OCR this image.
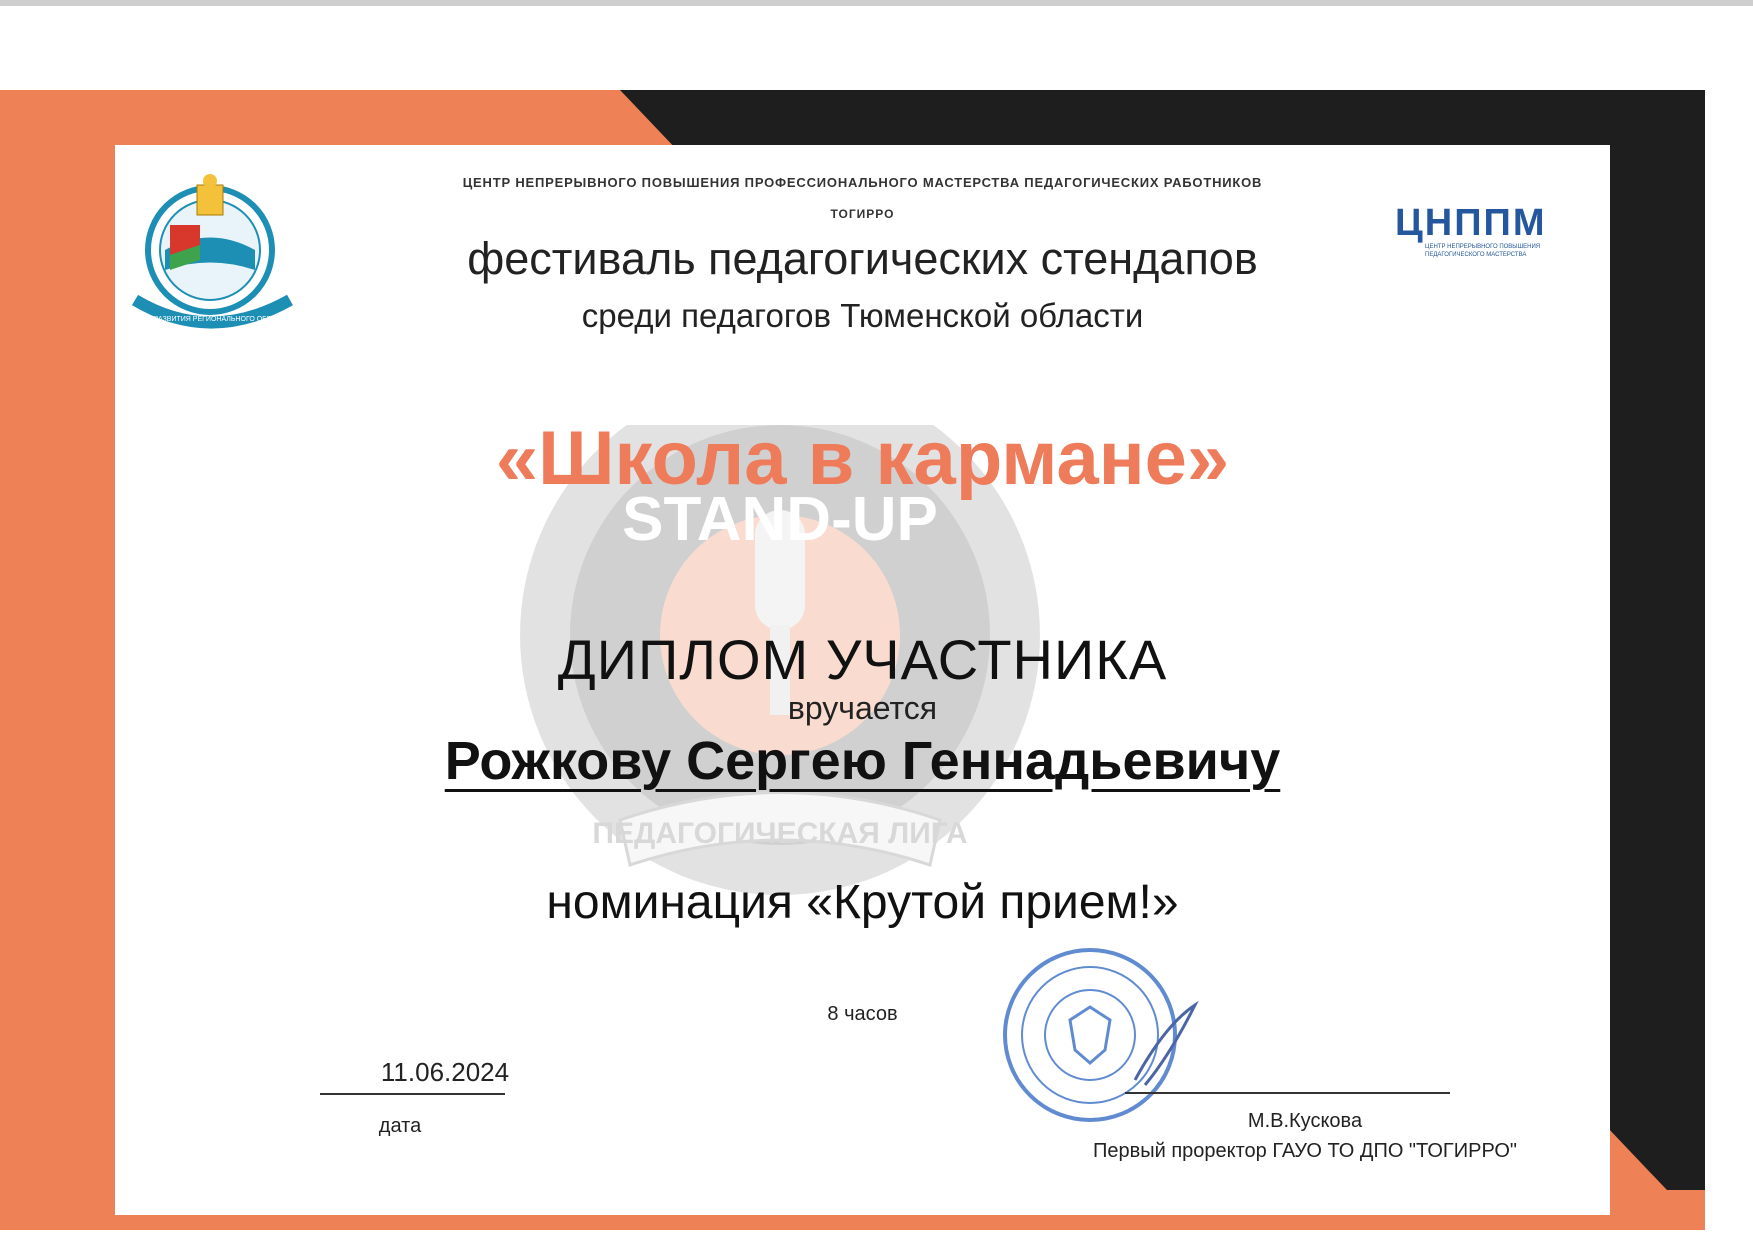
ИНСТИТУТ РАЗВИТИЯ РЕГИОНАЛЬНОГО ОБРАЗОВАНИЯ
ЦНППМ
ЦЕНТР НЕПРЕРЫВНОГО ПОВЫШЕНИЯ ПЕДАГОГИЧЕСКОГО МАСТЕРСТВА
STAND-UP
ПЕДАГОГИЧЕСКАЯ ЛИГА
ЦЕНТР НЕПРЕРЫВНОГО ПОВЫШЕНИЯ ПРОФЕССИОНАЛЬНОГО МАСТЕРСТВА ПЕДАГОГИЧЕСКИХ РАБОТНИКОВ
ТОГИРРО
фестиваль педагогических стендапов
среди педагогов Тюменской области
«Школа в кармане»
ДИПЛОМ УЧАСТНИКА
вручается
Рожкову Сергею Геннадьевичу
номинация «Крутой прием!»
8 часов
11.06.2024
дата	М.В.Кускова
Первый проректор ГАУО ТО ДПО "ТОГИРРО"
